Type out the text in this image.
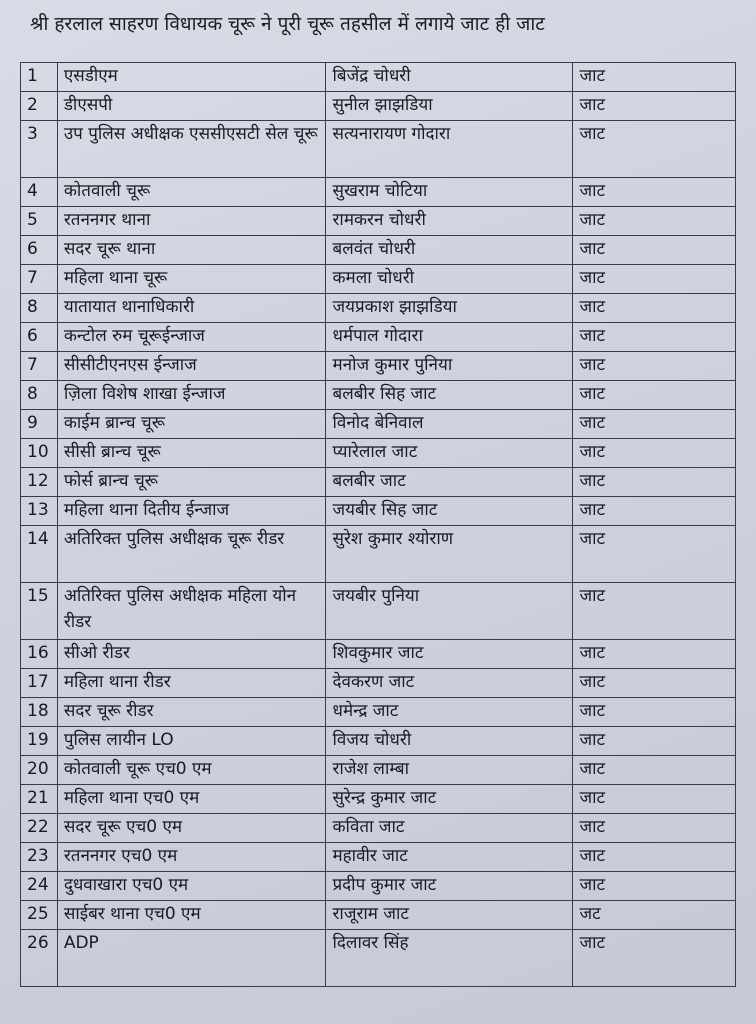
श्री हरलाल साहरण विधायक चूरू ने पूरी चूरू तहसील में लगाये जाट ही जाट
1	एसडीएम	बिजेंद्र चोधरी	जाट
2	डीएसपी	सुनील झाझडिया	जाट
3	उप पुलिस अधीक्षक एससीएसटी सेल चूरू	सत्यनारायण गोदारा	जाट
4	कोतवाली चूरू	सुखराम चोटिया	जाट
5	रतननगर थाना	रामकरन चोधरी	जाट
6	सदर चूरू थाना	बलवंत चोधरी	जाट
7	महिला थाना चूरू	कमला चोधरी	जाट
8	यातायात थानाधिकारी	जयप्रकाश झाझडिया	जाट
6	कन्टोल रुम चूरूईन्जाज	धर्मपाल गोदारा	जाट
7	सीसीटीएनएस ईन्जाज	मनोज कुमार पुनिया	जाट
8	ज़िला विशेष शाखा ईन्जाज	बलबीर सिह जाट	जाट
9	काईम ब्रान्च चूरू	विनोद बेनिवाल	जाट
10	सीसी ब्रान्च चूरू	प्यारेलाल जाट	जाट
12	फोर्स ब्रान्च चूरू	बलबीर जाट	जाट
13	महिला थाना दितीय ईन्जाज	जयबीर सिह जाट	जाट
14	अतिरिक्त पुलिस अधीक्षक चूरू रीडर	सुरेश कुमार श्योराण	जाट
15	अतिरिक्त पुलिस अधीक्षक महिला योन रीडर	जयबीर पुनिया	जाट
16	सीओ रीडर	शिवकुमार जाट	जाट
17	महिला थाना रीडर	देवकरण जाट	जाट
18	सदर चूरू रीडर	धमेन्द्र जाट	जाट
19	पुलिस लायीन LO	विजय चोधरी	जाट
20	कोतवाली चूरू एच0 एम	राजेश लाम्बा	जाट
21	महिला थाना एच0 एम	सुरेन्द्र कुमार जाट	जाट
22	सदर चूरू एच0 एम	कविता जाट	जाट
23	रतननगर एच0 एम	महावीर जाट	जाट
24	दुधवाखारा एच0 एम	प्रदीप कुमार जाट	जाट
25	साईबर थाना एच0 एम	राजूराम जाट	जट
26	ADP	दिलावर सिंह	जाट
